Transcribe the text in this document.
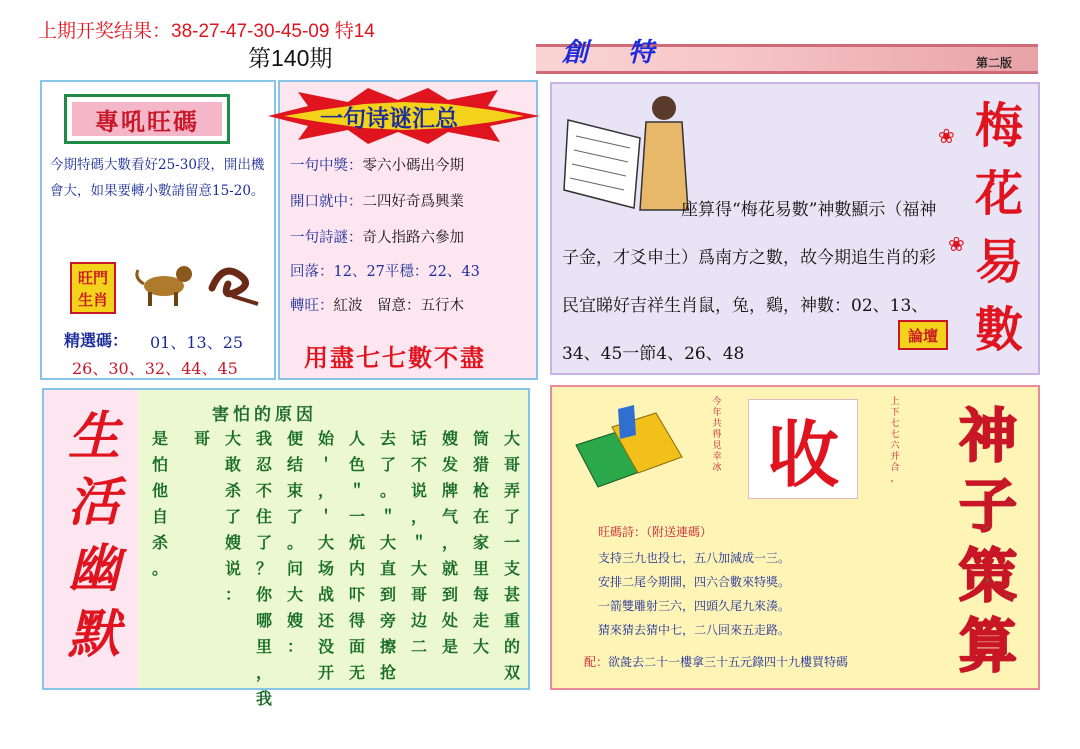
上期开奖结果：38-27-47-30-45-09 特14
第140期	創特	第二版
專吼旺碼
今期特碼大數看好25-30段，開出機會大，如果要轉小數請留意15-20。
旺門
生肖
精選碼： 01、13、25
26、30、32、44、45
一句诗谜汇总
一句中獎：零六小碼出今期
開口就中：二四好奇爲興業
一句詩謎：奇人指路六參加
回落：12、27平穩：22、43
轉旺：紅波　留意：五行木
用盡七七數不盡
　　　　　　　座算得“梅花易數”神數顯示（福神子金，才爻申土）爲南方之數，故今期追生肖的彩民宜睇好吉祥生肖鼠，兔，鷄，神數：02、13、34、45一節4、26、48
論壇
❀
❀
梅
花
易
數
生
活
幽
默
害怕的原因
大
哥
弄
了
一
支
甚
重
的
双
筒
猎
枪
在
家
里
每
走
大
嫂
发
牌
气
，
就
到
处
是
话
不
说
，
＂
大
哥
边
二
去
了
。
＂
大
直
到
旁
擦
抢
人
色
＂
一
炕
内
吓
得
面
无
始
＇
，
＇
大
场
战
还
没
开
便
结
束
了
。
问
大
嫂
：
我
忍
不
住
了
？
你
哪
里
，
我
大
敢
杀
了
嫂
说
：
哥
是
怕
他
自
杀
。
今
年
共
得
見
幸
冰 收
上
下
七
七
六
并
合
，
旺碼詩：（附送連碼）
支持三九也投七，五八加減成一三。
安排二尾今期開，四六合數來特獎。
一箭雙雕射三六，四頭久尾九來湊。
猜來猜去猜中七，二八回來五走路。
配：欲彘去二十一樓拿三十五元錄四十九樓買特碼
神
子
策
算
